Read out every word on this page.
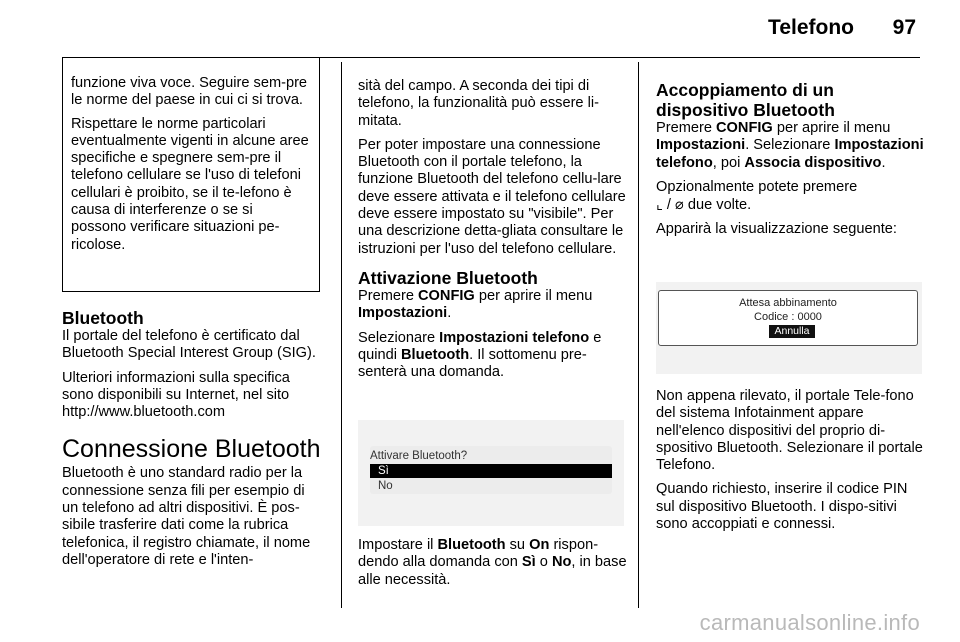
Telefono 97

funzione viva voce. Seguire sem-pre le norme del paese in cui ci si trova.

Rispettare le norme particolari eventualmente vigenti in alcune aree specifiche e spegnere sem-pre il telefono cellulare se l'uso di telefoni cellulari è proibito, se il te-lefono è causa di interferenze o se si possono verificare situazioni pe-ricolose.

Bluetooth

Il portale del telefono è certificato dal Bluetooth Special Interest Group (SIG).

Ulteriori informazioni sulla specifica sono disponibili su Internet, nel sito http://www.bluetooth.com

Connessione Bluetooth

Bluetooth è uno standard radio per la connessione senza fili per esempio di un telefono ad altri dispositivi. È pos-sibile trasferire dati come la rubrica telefonica, il registro chiamate, il nome dell'operatore di rete e l'inten-

sità del campo. A seconda dei tipi di telefono, la funzionalità può essere li-mitata.

Per poter impostare una connessione Bluetooth con il portale telefono, la funzione Bluetooth del telefono cellu-lare deve essere attivata e il telefono cellulare deve essere impostato su "visibile". Per una descrizione detta-gliata consultare le istruzioni per l'uso del telefono cellulare.

Attivazione Bluetooth

Premere CONFIG per aprire il menu Impostazioni.

Selezionare Impostazioni telefono e quindi Bluetooth. Il sottomenu pre-senterà una domanda.

Attivare Bluetooth?
Sì
No

Impostare il Bluetooth su On rispon-dendo alla domanda con Sì o No, in base alle necessità.

Accoppiamento di un dispositivo Bluetooth

Premere CONFIG per aprire il menu Impostazioni. Selezionare Impostazioni telefono, poi Associa dispositivo.

Opzionalmente potete premere
⌞ / ⌀ due volte.

Apparirà la visualizzazione seguente:

Attesa abbinamento
Codice : 0000
Annulla

Non appena rilevato, il portale Tele-fono del sistema Infotainment appare nell'elenco dispositivi del proprio di-spositivo Bluetooth. Selezionare il portale Telefono.

Quando richiesto, inserire il codice PIN sul dispositivo Bluetooth. I dispo-sitivi sono accoppiati e connessi.

carmanualsonline.info
